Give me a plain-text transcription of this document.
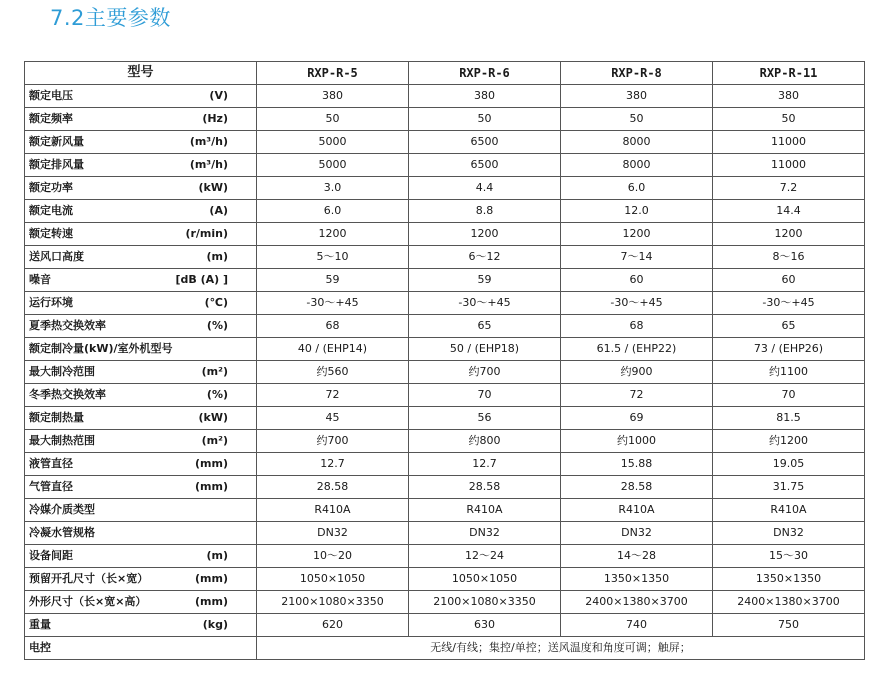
7.2主要参数
型号	RXP-R-5	RXP-R-6	RXP-R-8	RXP-R-11
额定电压 (V)	380	380	380	380
额定频率 (Hz)	50	50	50	50
额定新风量 (m³/h)	5000	6500	8000	11000
额定排风量 (m³/h)	5000	6500	8000	11000
额定功率 (kW)	3.0	4.4	6.0	7.2
额定电流 (A)	6.0	8.8	12.0	14.4
额定转速 (r/min)	1200	1200	1200	1200
送风口高度 (m)	5～10	6～12	7～14	8～16
噪音 [dB (A) ]	59	59	60	60
运行环境 (℃)	-30～+45	-30～+45	-30～+45	-30～+45
夏季热交换效率 (%)	68	65	68	65
额定制冷量(kW)/室外机型号	40 / (EHP14)	50 / (EHP18)	61.5 / (EHP22)	73 / (EHP26)
最大制冷范围 (m²)	约560	约700	约900	约1100
冬季热交换效率 (%)	72	70	72	70
额定制热量 (kW)	45	56	69	81.5
最大制热范围 (m²)	约700	约800	约1000	约1200
液管直径 (mm)	12.7	12.7	15.88	19.05
气管直径 (mm)	28.58	28.58	28.58	31.75
冷媒介质类型	R410A	R410A	R410A	R410A
冷凝水管规格	DN32	DN32	DN32	DN32
设备间距 (m)	10～20	12～24	14～28	15～30
预留开孔尺寸（长×宽） (mm)	1050×1050	1050×1050	1350×1350	1350×1350
外形尺寸（长×宽×高） (mm)	2100×1080×3350	2100×1080×3350	2400×1380×3700	2400×1380×3700
重量 (kg)	620	630	740	750
电控	无线/有线；集控/单控；送风温度和角度可调；触屏；			
